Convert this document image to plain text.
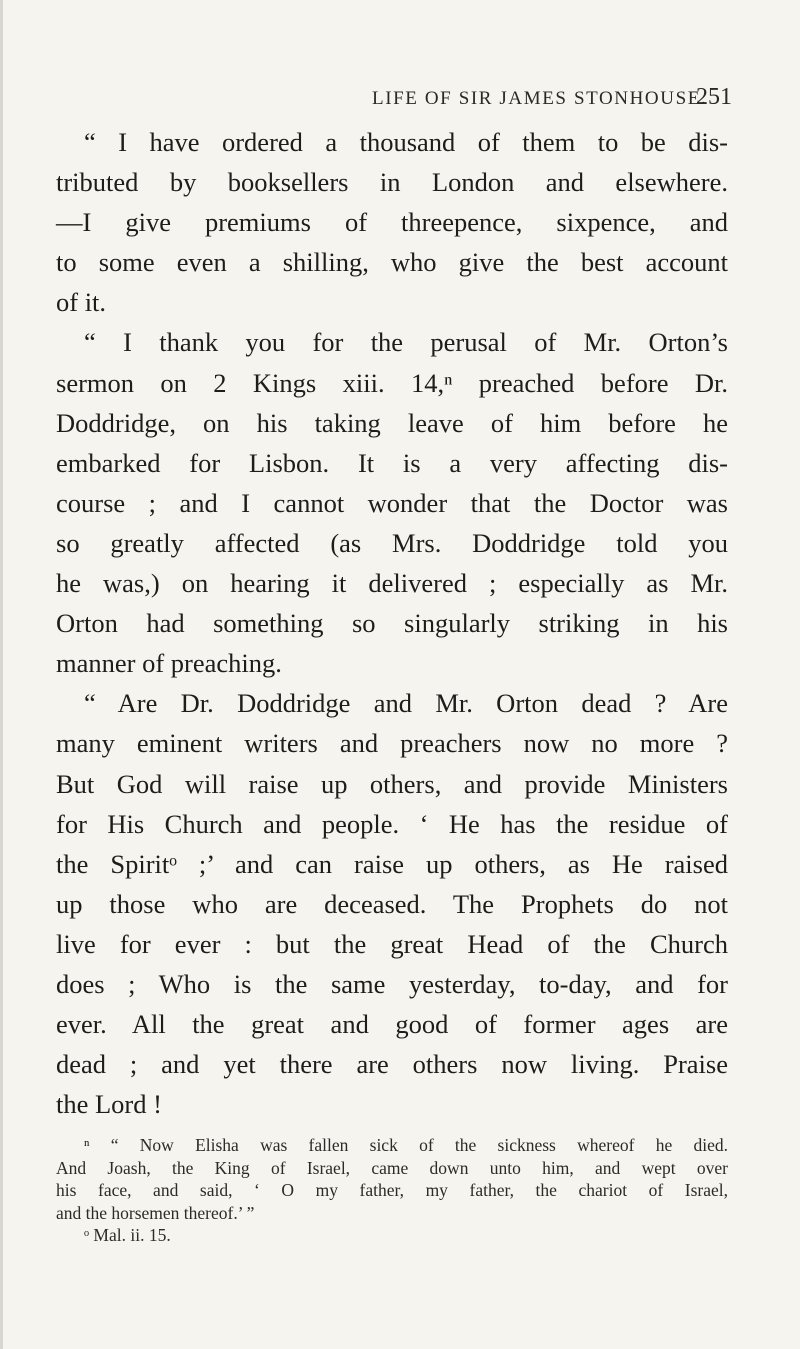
LIFE OF SIR JAMES STONHOUSE.
251
“ I have ordered a thousand of them to be dis-
tributed by booksellers in London and elsewhere.
—I give premiums of threepence, sixpence, and
to some even a shilling, who give the best account
of it.
“ I thank you for the perusal of Mr. Orton’s
sermon on 2 Kings xiii. 14,ⁿ preached before Dr.
Doddridge, on his taking leave of him before he
embarked for Lisbon. It is a very affecting dis-
course ; and I cannot wonder that the Doctor was
so greatly affected (as Mrs. Doddridge told you
he was,) on hearing it delivered ; especially as Mr.
Orton had something so singularly striking in his
manner of preaching.
“ Are Dr. Doddridge and Mr. Orton dead ? Are
many eminent writers and preachers now no more ?
But God will raise up others, and provide Ministers
for His Church and people. ‘ He has the residue of
the Spiritᵒ ;’ and can raise up others, as He raised
up those who are deceased. The Prophets do not
live for ever : but the great Head of the Church
does ; Who is the same yesterday, to-day, and for
ever. All the great and good of former ages are
dead ; and yet there are others now living. Praise
the Lord !
ⁿ “ Now Elisha was fallen sick of the sickness whereof he died.
And Joash, the King of Israel, came down unto him, and wept over
his face, and said, ‘ O my father, my father, the chariot of Israel,
and the horsemen thereof.’ ”
ᵒ Mal. ii. 15.
